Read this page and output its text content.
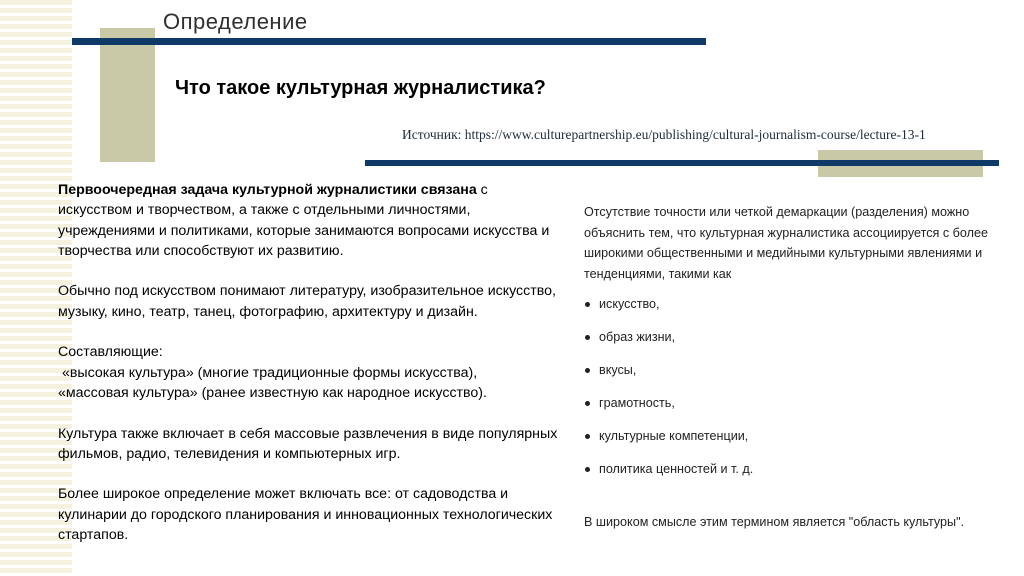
Определение
Что такое культурная журналистика?
Источник: https://www.culturepartnership.eu/publishing/cultural-journalism-course/lecture-13-1

Первоочередная задача культурной журналистики связана с искусством и творчеством, а также с отдельными личностями, учреждениями и политиками, которые занимаются вопросами искусства и творчества или способствуют их развитию.

Обычно под искусством понимают литературу, изобразительное искусство, музыку, кино, театр, танец, фотографию, архитектуру и дизайн.

Составляющие:
«высокая культура» (многие традиционные формы искусства),
«массовая культура» (ранее известную как народное искусство).

Культура также включает в себя массовые развлечения в виде популярных фильмов, радио, телевидения и компьютерных игр.

Более широкое определение может включать все: от садоводства и кулинарии до городского планирования и инновационных технологических стартапов.

Отсутствие точности или четкой демаркации (разделения) можно объяснить тем, что культурная журналистика ассоциируется с более широкими общественными и медийными культурными явлениями и тенденциями, такими как

искусство,
образ жизни,
вкусы,
грамотность,
культурные компетенции,
политика ценностей и т. д.
В широком смысле этим термином является "область культуры".
